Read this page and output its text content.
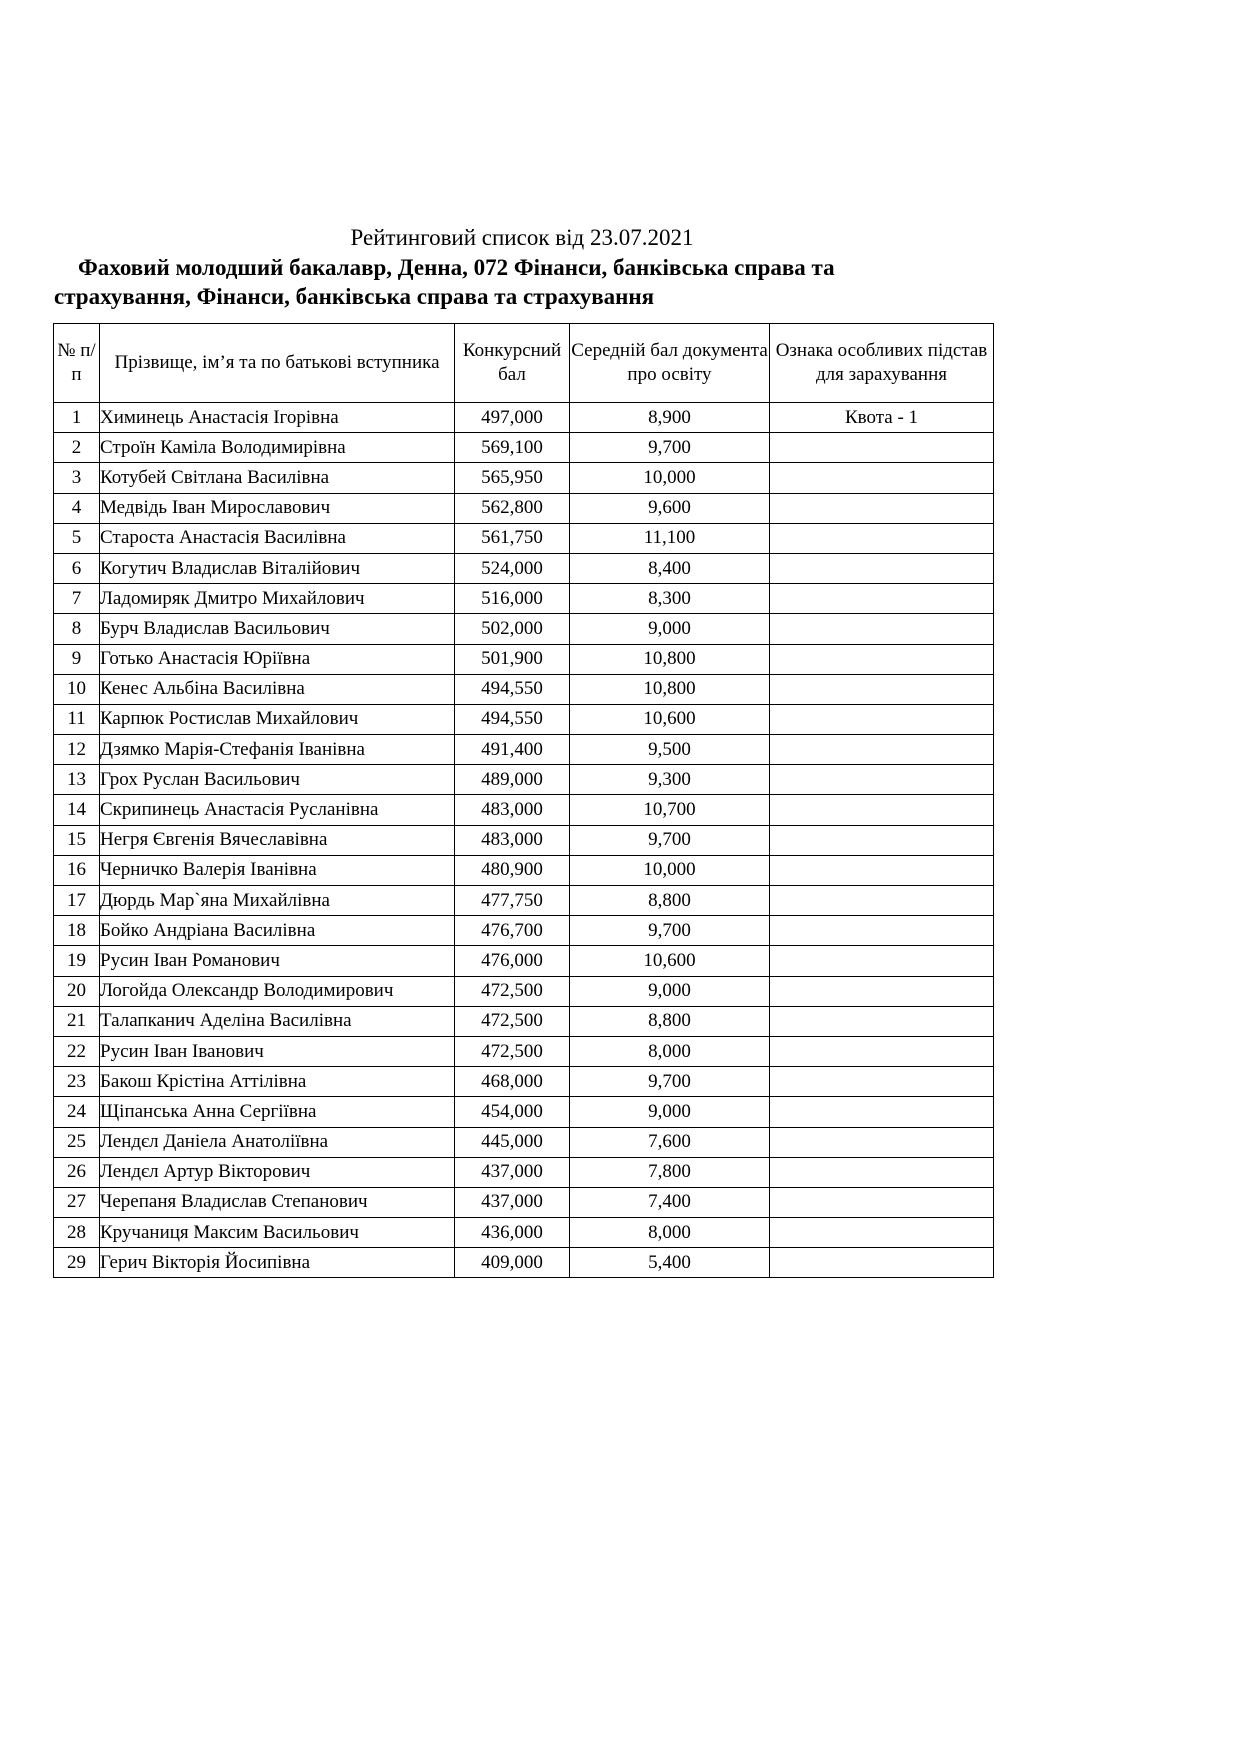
Рейтинговий список від 23.07.2021

Фаховий молодший бакалавр, Денна, 072 Фінанси, банківська справа та страхування, Фінанси, банківська справа та страхування

№ п/п	Прізвище, ім’я та по батькові вступника	Конкурсний бал	Середній бал документа про освіту	Ознака особливих підстав для зарахування
1	Химинець Анастасія Ігорівна	497,000	8,900	Квота - 1
2	Строїн Каміла Володимирівна	569,100	9,700	
3	Котубей Світлана Василівна	565,950	10,000	
4	Медвідь Іван Мирославович	562,800	9,600	
5	Староста Анастасія Василівна	561,750	11,100	
6	Когутич Владислав Віталійович	524,000	8,400	
7	Ладомиряк Дмитро Михайлович	516,000	8,300	
8	Бурч Владислав Васильович	502,000	9,000	
9	Готько Анастасія Юріївна	501,900	10,800	
10	Кенес Альбіна Василівна	494,550	10,800	
11	Карпюк Ростислав Михайлович	494,550	10,600	
12	Дзямко Марія-Стефанія Іванівна	491,400	9,500	
13	Грох Руслан Васильович	489,000	9,300	
14	Скрипинець Анастасія Русланівна	483,000	10,700	
15	Негря Євгенія Вячеславівна	483,000	9,700	
16	Черничко Валерія Іванівна	480,900	10,000	
17	Дюрдь Мар`яна Михайлівна	477,750	8,800	
18	Бойко Андріана Василівна	476,700	9,700	
19	Русин Іван Романович	476,000	10,600	
20	Логойда Олександр Володимирович	472,500	9,000	
21	Талапканич Аделіна Василівна	472,500	8,800	
22	Русин Іван Іванович	472,500	8,000	
23	Бакош Крістіна Аттілівна	468,000	9,700	
24	Щіпанська Анна Сергіївна	454,000	9,000	
25	Лендєл Даніела Анатоліївна	445,000	7,600	
26	Лендєл Артур Вікторович	437,000	7,800	
27	Черепаня Владислав Степанович	437,000	7,400	
28	Кручаниця Максим Васильович	436,000	8,000	
29	Герич Вікторія Йосипівна	409,000	5,400	
